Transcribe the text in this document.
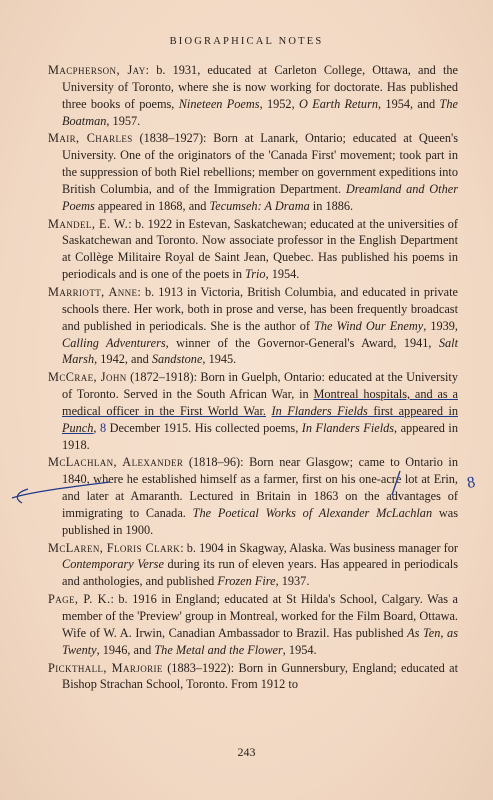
BIOGRAPHICAL NOTES
Macpherson, Jay: b. 1931, educated at Carleton College, Ottawa, and the University of Toronto, where she is now working for doctorate. Has published three books of poems, Nineteen Poems, 1952, O Earth Return, 1954, and The Boatman, 1957.
Mair, Charles (1838–1927): Born at Lanark, Ontario; educated at Queen's University. One of the originators of the 'Canada First' movement; took part in the suppression of both Riel rebellions; member on government expeditions into British Columbia, and of the Immigration Department. Dreamland and Other Poems appeared in 1868, and Tecumseh: A Drama in 1886.
Mandel, E. W.: b. 1922 in Estevan, Saskatchewan; educated at the universities of Saskatchewan and Toronto. Now associate professor in the English Department at Collège Militaire Royal de Saint Jean, Quebec. Has published his poems in periodicals and is one of the poets in Trio, 1954.
Marriott, Anne: b. 1913 in Victoria, British Columbia, and educated in private schools there. Her work, both in prose and verse, has been frequently broadcast and published in periodicals. She is the author of The Wind Our Enemy, 1939, Calling Adventurers, winner of the Governor-General's Award, 1941, Salt Marsh, 1942, and Sandstone, 1945.
McCrae, John (1872–1918): Born in Guelph, Ontario: educated at the University of Toronto. Served in the South African War, in Montreal hospitals, and as a medical officer in the First World War. In Flanders Fields first appeared in Punch, 8 December 1915. His collected poems, In Flanders Fields, appeared in 1918.
McLachlan, Alexander (1818–96): Born near Glasgow; came to Ontario in 1840, where he established himself as a farmer, first on his one-acre lot at Erin, and later at Amaranth. Lectured in Britain in 1863 on the advantages of immigrating to Canada. The Poetical Works of Alexander McLachlan was published in 1900.
McLaren, Floris Clark: b. 1904 in Skagway, Alaska. Was business manager for Contemporary Verse during its run of eleven years. Has appeared in periodicals and anthologies, and published Frozen Fire, 1937.
Page, P. K.: b. 1916 in England; educated at St Hilda's School, Calgary. Was a member of the 'Preview' group in Montreal, worked for the Film Board, Ottawa. Wife of W. A. Irwin, Canadian Ambassador to Brazil. Has published As Ten, as Twenty, 1946, and The Metal and the Flower, 1954.
Pickthall, Marjorie (1883–1922): Born in Gunnersbury, England; educated at Bishop Strachan School, Toronto. From 1912 to
243
8
